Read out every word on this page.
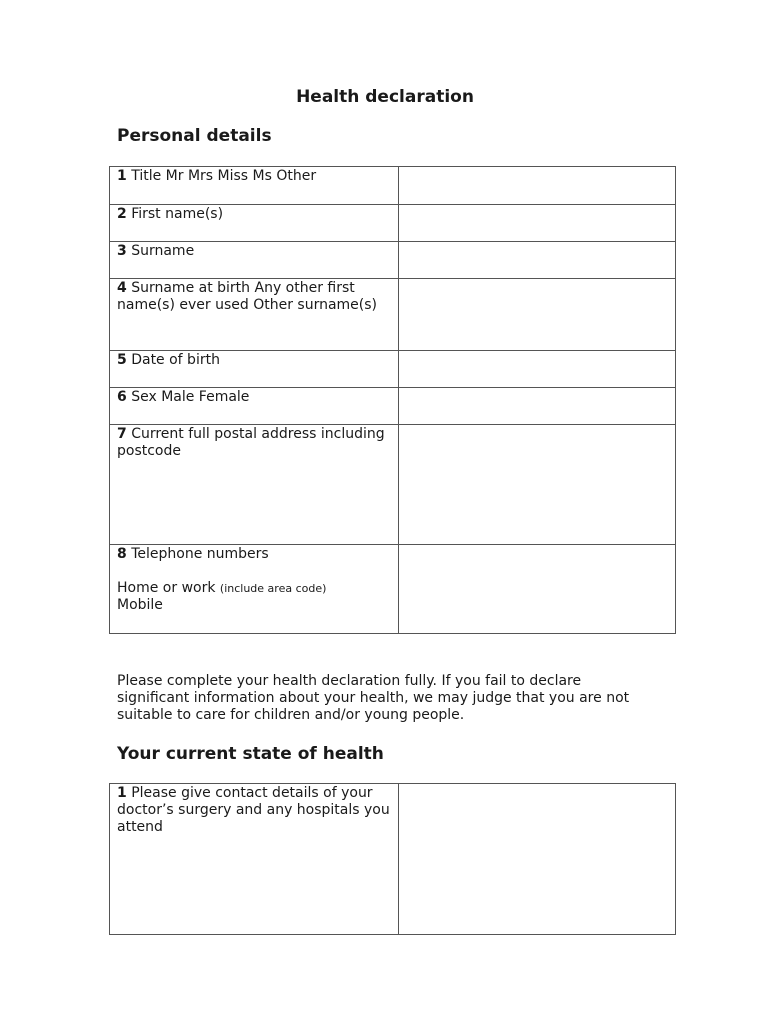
Health declaration
Personal details
1 Title Mr Mrs Miss Ms Other	
2 First name(s)	
3 Surname	
4 Surname at birth Any other first name(s) ever used Other surname(s)	
5 Date of birth	
6 Sex Male Female	
7 Current full postal address including
postcode	
8 Telephone numbers
Home or work (include area code)
Mobile	

Please complete your health declaration fully. If you fail to declare significant information about your health, we may judge that you are not suitable to care for children and/or young people.

Your current state of health
1 Please give contact details of your doctor’s surgery and any hospitals you attend	
